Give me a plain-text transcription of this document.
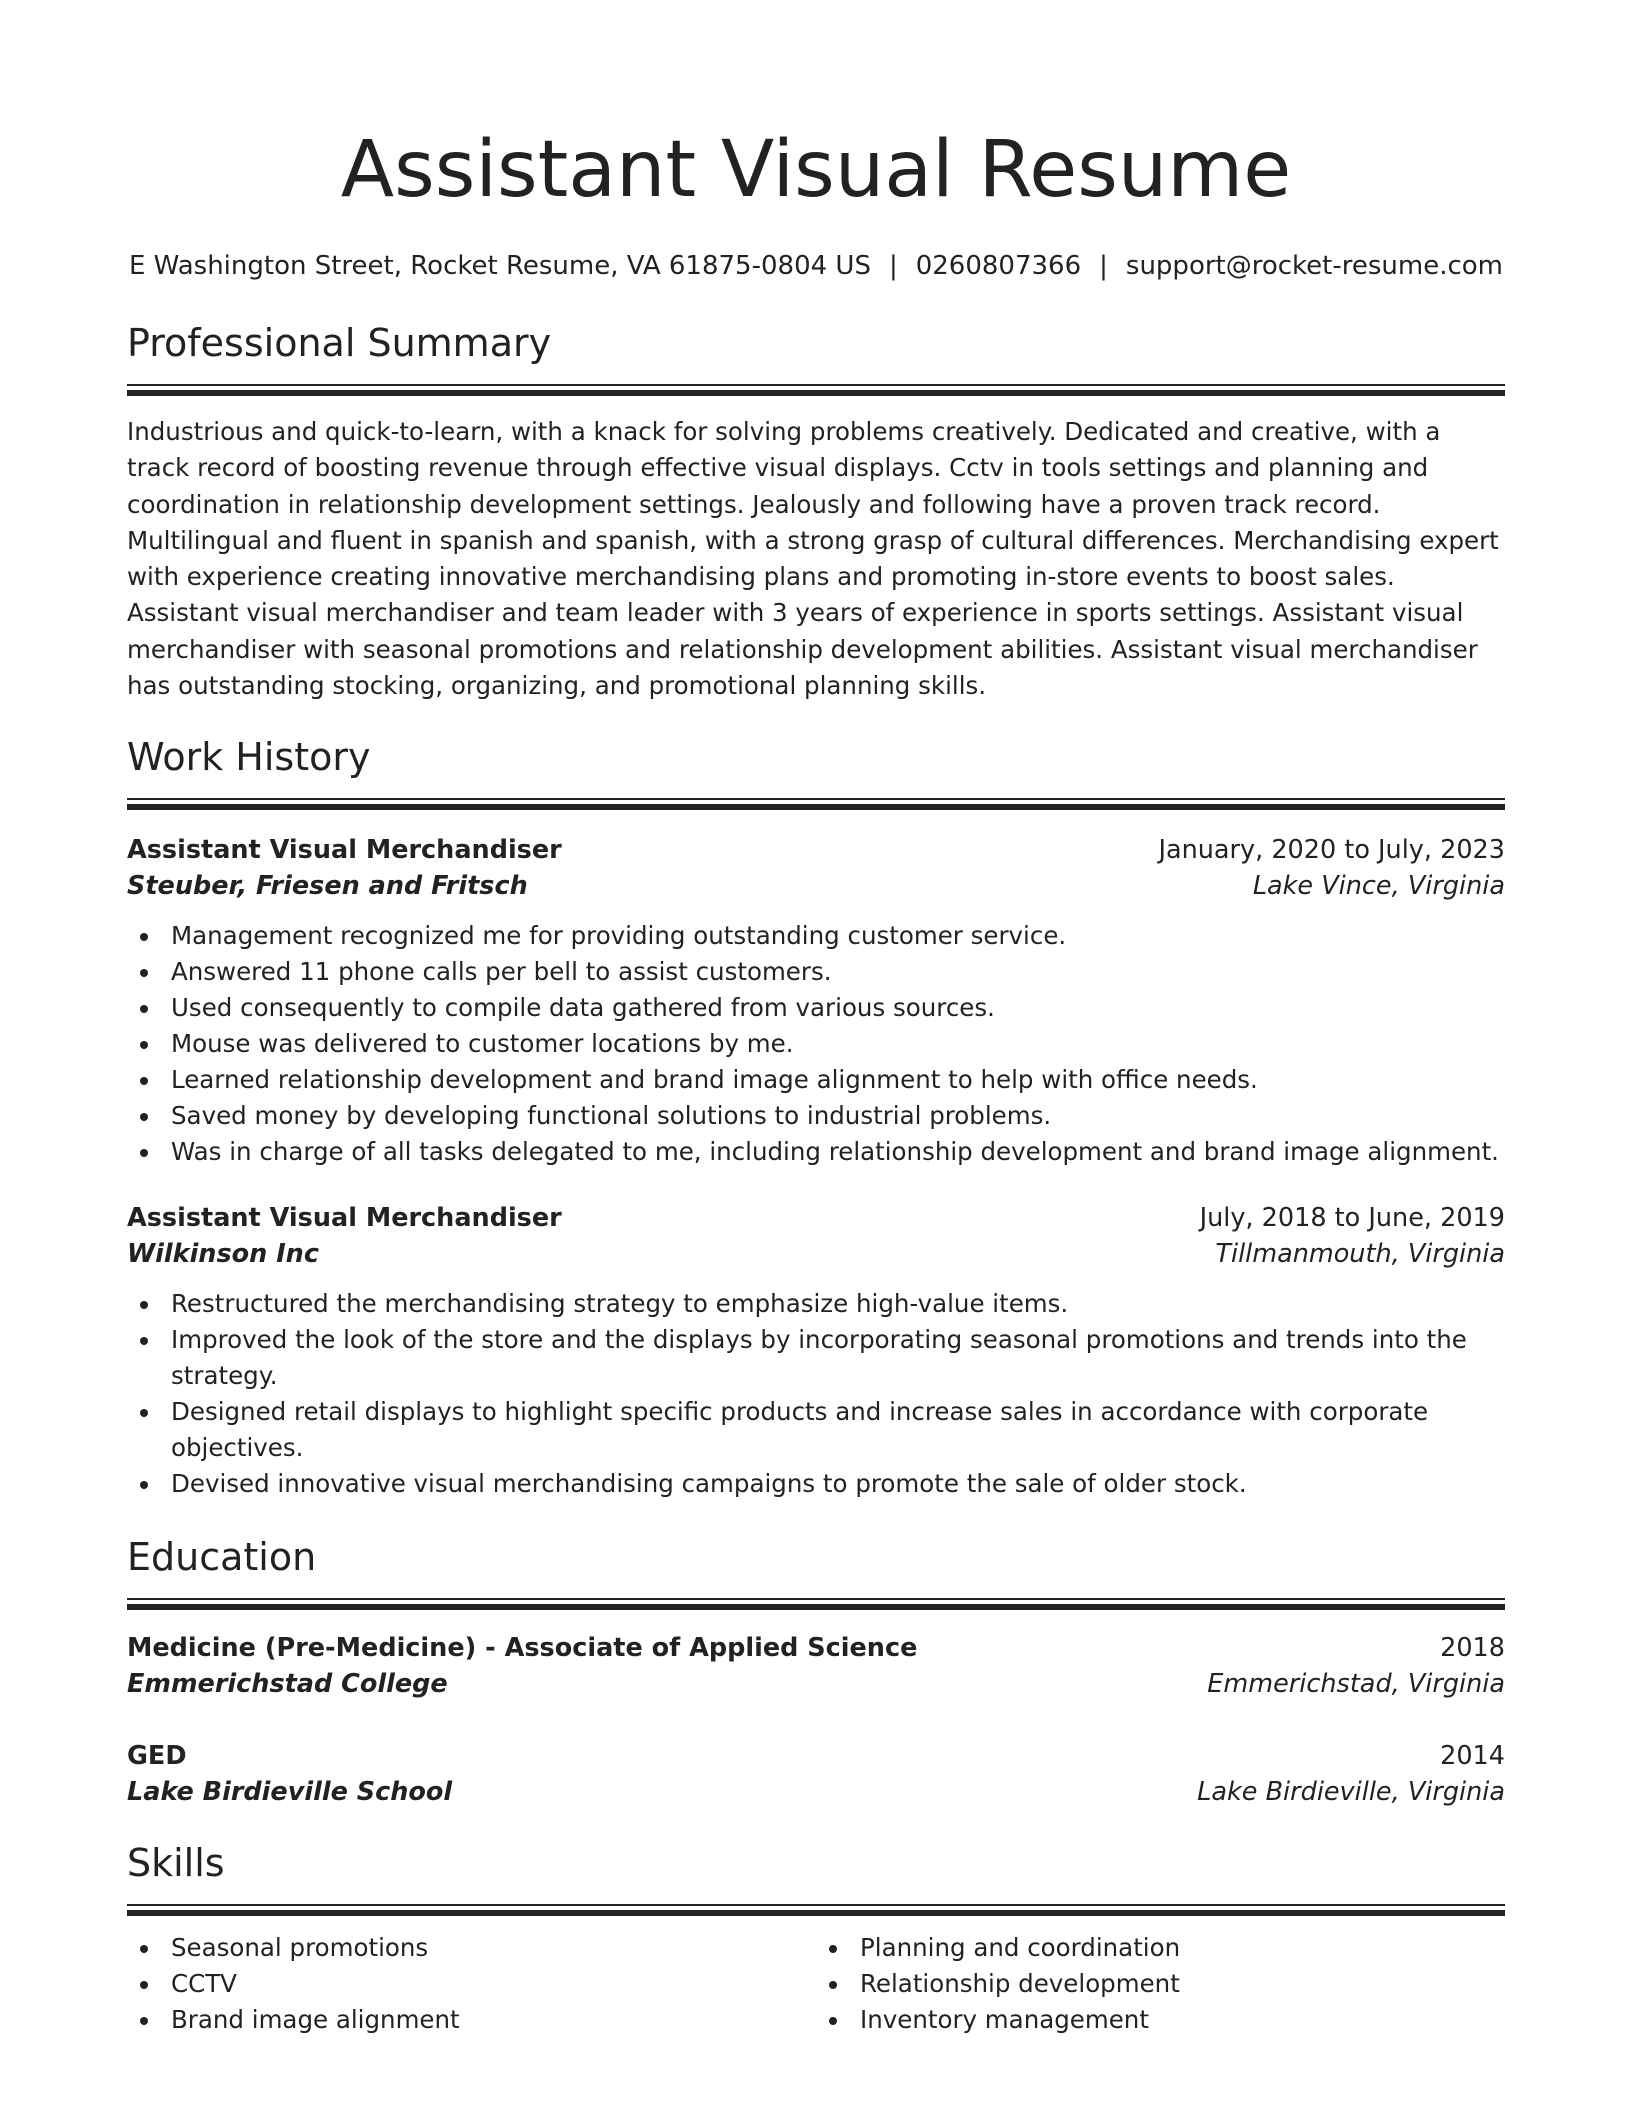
Assistant Visual Resume
E Washington Street, Rocket Resume, VA 61875-0804 US | 0260807366 | support@rocket-resume.com
Professional Summary

Industrious and quick-to-learn, with a knack for solving problems creatively. Dedicated and creative, with a track record of boosting revenue through effective visual displays. Cctv in tools settings and planning and coordination in relationship development settings. Jealously and following have a proven track record. Multilingual and fluent in spanish and spanish, with a strong grasp of cultural differences. Merchandising expert with experience creating innovative merchandising plans and promoting in-store events to boost sales. Assistant visual merchandiser and team leader with 3 years of experience in sports settings. Assistant visual merchandiser with seasonal promotions and relationship development abilities. Assistant visual merchandiser has outstanding stocking, organizing, and promotional planning skills.

Work History
Assistant Visual Merchandiser	January, 2020 to July, 2023
Steuber, Friesen and Fritsch	Lake Vince, Virginia
Management recognized me for providing outstanding customer service.
Answered 11 phone calls per bell to assist customers.
Used consequently to compile data gathered from various sources.
Mouse was delivered to customer locations by me.
Learned relationship development and brand image alignment to help with office needs.
Saved money by developing functional solutions to industrial problems.
Was in charge of all tasks delegated to me, including relationship development and brand image alignment.
Assistant Visual Merchandiser	July, 2018 to June, 2019
Wilkinson Inc	Tillmanmouth, Virginia
Restructured the merchandising strategy to emphasize high-value items.
Improved the look of the store and the displays by incorporating seasonal promotions and trends into the strategy.
Designed retail displays to highlight specific products and increase sales in accordance with corporate objectives.
Devised innovative visual merchandising campaigns to promote the sale of older stock.
Education
Medicine (Pre-Medicine) - Associate of Applied Science	2018
Emmerichstad College	Emmerichstad, Virginia
GED	2014
Lake Birdieville School	Lake Birdieville, Virginia
Skills
Seasonal promotions
CCTV
Brand image alignment
Planning and coordination
Relationship development
Inventory management
